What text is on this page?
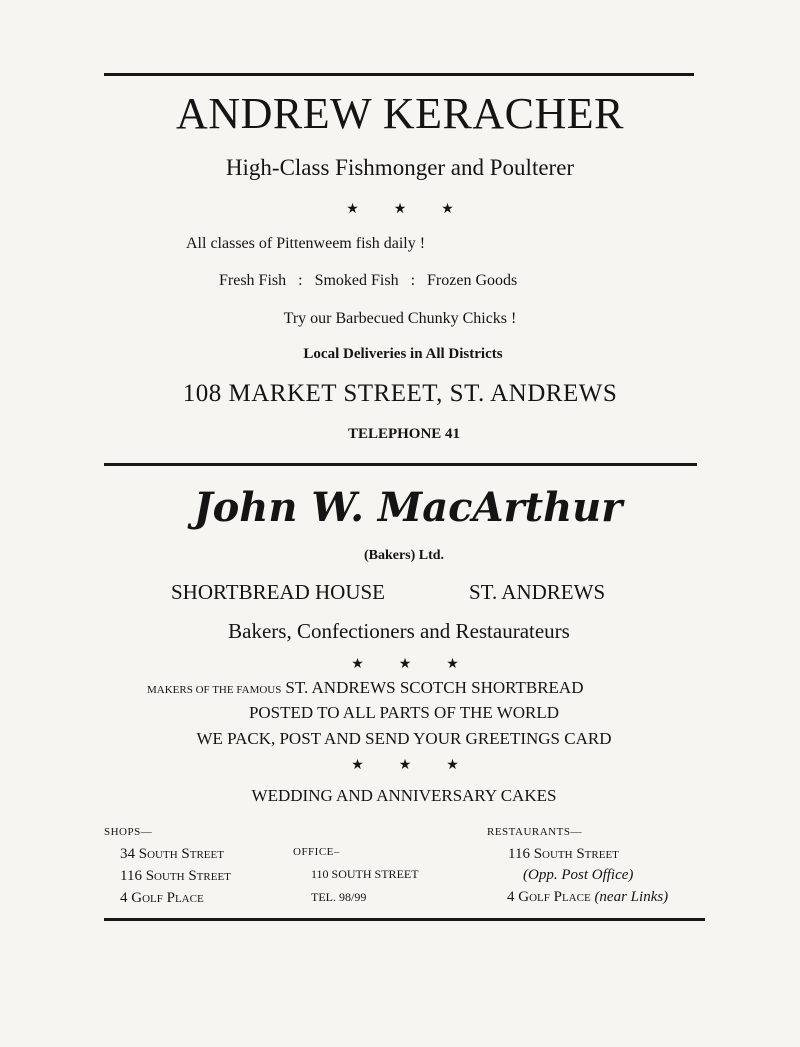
ANDREW KERACHER
High-Class Fishmonger and Poulterer
★ ★ ★
All classes of Pittenweem fish daily !
Fresh Fish   :   Smoked Fish   :   Frozen Goods
Try our Barbecued Chunky Chicks !
Local Deliveries in All Districts
108 MARKET STREET, ST. ANDREWS
TELEPHONE 41
John W. MacArthur
(Bakers) Ltd.
SHORTBREAD HOUSE	ST. ANDREWS
Bakers, Confectioners and Restaurateurs
★ ★ ★
MAKERS OF THE FAMOUS ST. ANDREWS SCOTCH SHORTBREAD
POSTED TO ALL PARTS OF THE WORLD
WE PACK, POST AND SEND YOUR GREETINGS CARD
★ ★ ★
WEDDING AND ANNIVERSARY CAKES
SHOPS—
34 South Street
116 South Street
4 Golf Place
OFFICE–
110 SOUTH STREET
TEL. 98/99
RESTAURANTS—
116 South Street
(Opp. Post Office)
4 Golf Place (near Links)
